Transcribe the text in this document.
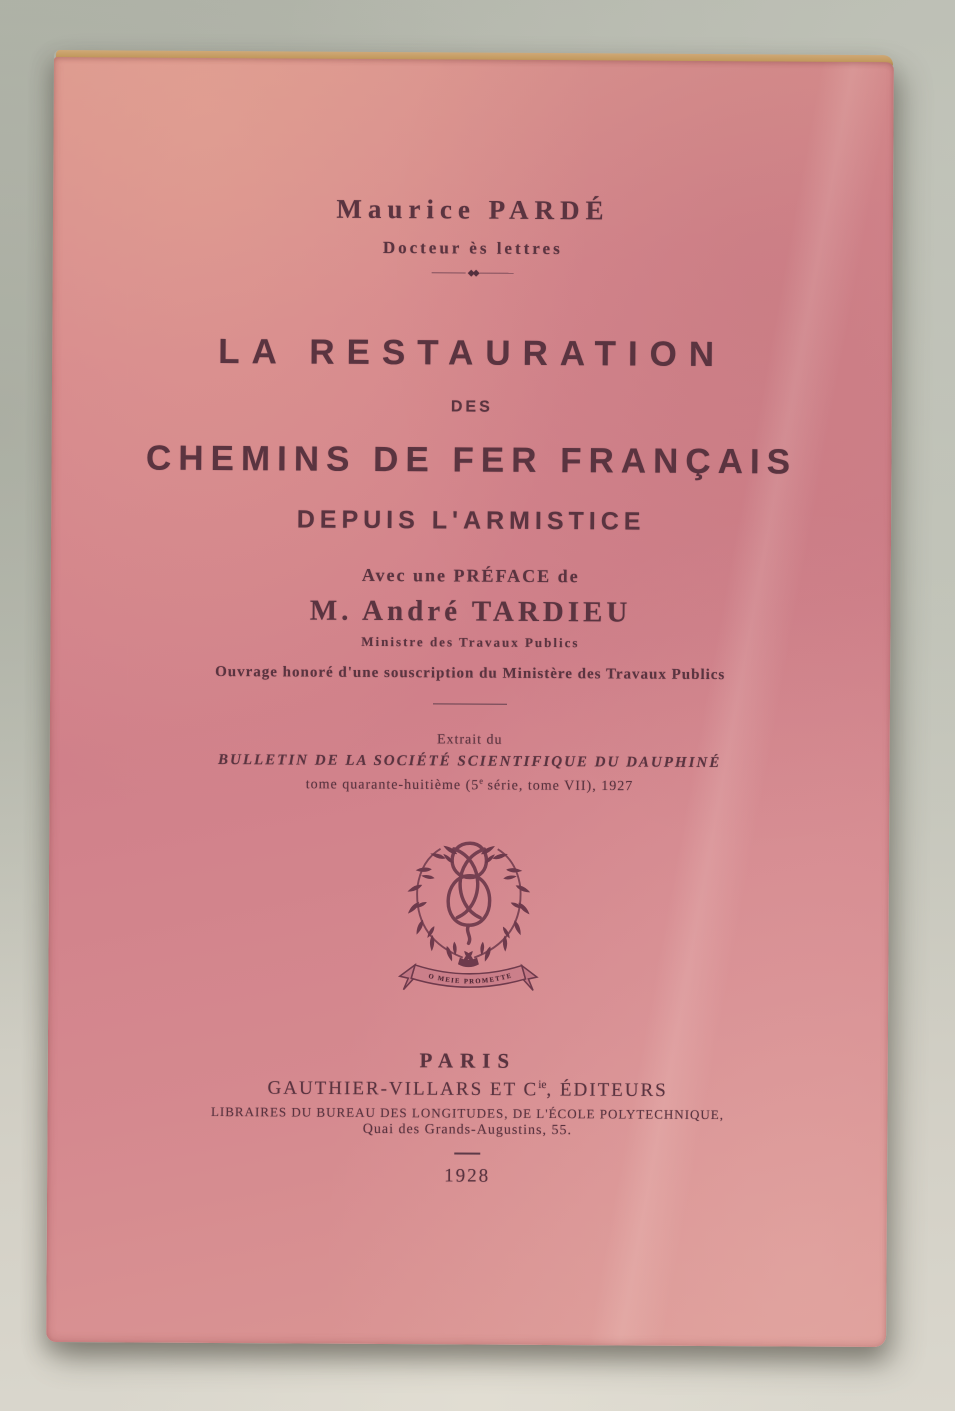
Maurice PARDÉ
Docteur ès lettres
◆◆
LA RESTAURATION
DES
CHEMINS DE FER FRANÇAIS
DEPUIS L'ARMISTICE
Avec une PRÉFACE de
M. André TARDIEU
Ministre des Travaux Publics
Ouvrage honoré d'une souscription du Ministère des Travaux Publics
Extrait du
BULLETIN DE LA SOCIÉTÉ SCIENTIFIQUE DU DAUPHINÉ
tome quarante-huitième (5e série, tome VII), 1927
O MEIE PROMETTE
PARIS
GAUTHIER-VILLARS ET $C^{ie}$, ÉDITEURS
LIBRAIRES DU BUREAU DES LONGITUDES, DE L'ÉCOLE POLYTECHNIQUE,
Quai des Grands-Augustins, 55.
1928
